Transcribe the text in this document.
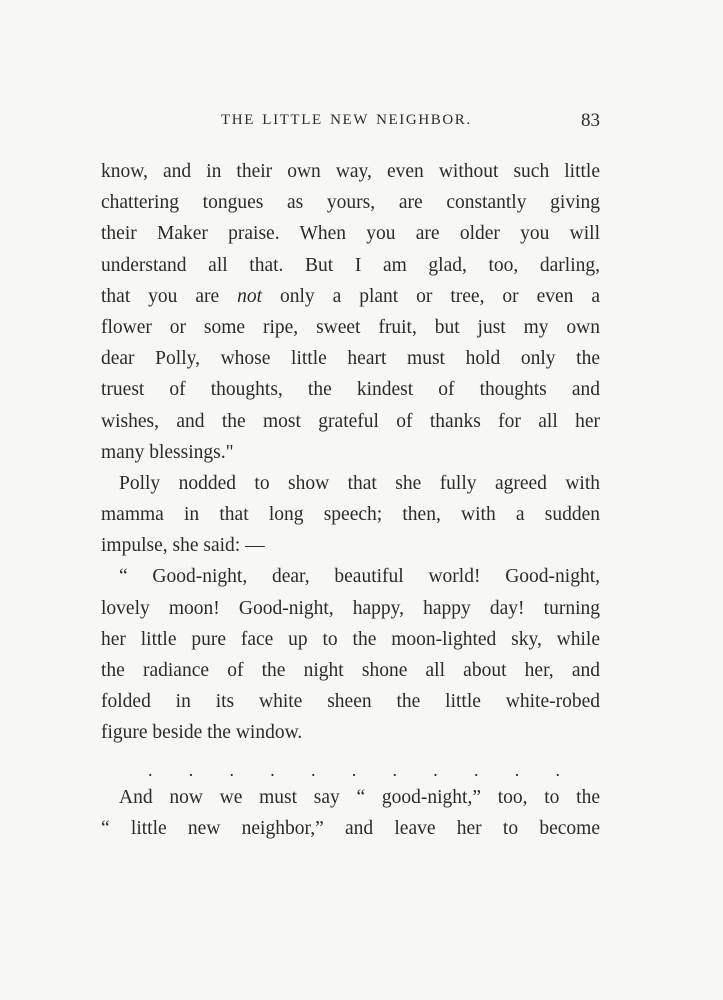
THE LITTLE NEW NEIGHBOR.	83
know, and in their own way, even without such little
chattering tongues as yours, are constantly giving
their Maker praise. When you are older you will
understand all that. But I am glad, too, darling,
that you are not only a plant or tree, or even a
flower or some ripe, sweet fruit, but just my own
dear Polly, whose little heart must hold only the
truest of thoughts, the kindest of thoughts and
wishes, and the most grateful of thanks for all her
many blessings."
Polly nodded to show that she fully agreed with
mamma in that long speech; then, with a sudden
impulse, she said: —
“ Good-night, dear, beautiful world! Good-night,
lovely moon! Good-night, happy, happy day! turning
her little pure face up to the moon-lighted sky, while
the radiance of the night shone all about her, and
folded in its white sheen the little white-robed
figure beside the window.
. . . . . . . . . . .
And now we must say “ good-night,” too, to the
“ little new neighbor,” and leave her to become
